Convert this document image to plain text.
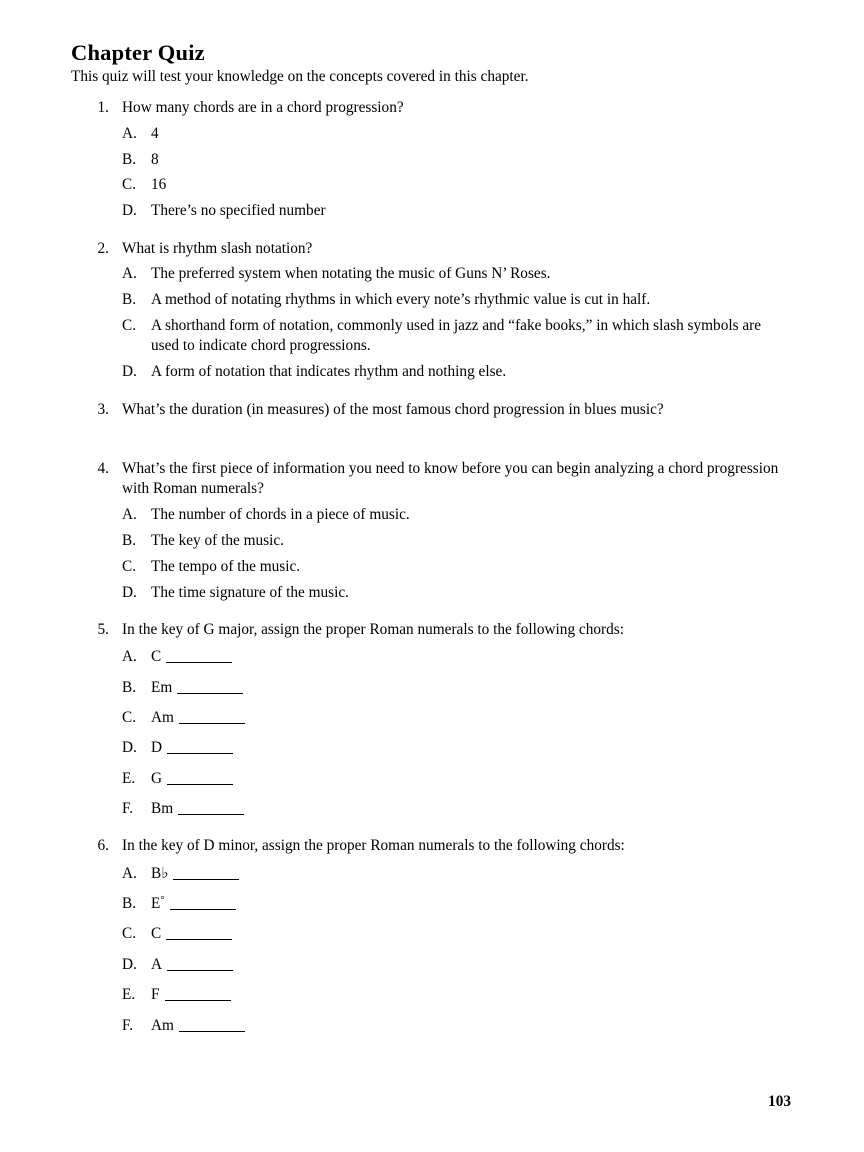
Chapter Quiz

This quiz will test your knowledge on the concepts covered in this chapter.

1. How many chords are in a chord progression?
A. 4
B. 8
C. 16
D. There’s no specified number
2. What is rhythm slash notation?
A. The preferred system when notating the music of Guns N’ Roses.
B. A method of notating rhythms in which every note’s rhythmic value is cut in half.
C. A shorthand form of notation, commonly used in jazz and “fake books,” in which slash symbols are used to indicate chord progressions.
D. A form of notation that indicates rhythm and nothing else.
3. What’s the duration (in measures) of the most famous chord progression in blues music?
4. What’s the first piece of information you need to know before you can begin analyzing a chord progression with Roman numerals?
A. The number of chords in a piece of music.
B. The key of the music.
C. The tempo of the music.
D. The time signature of the music.
5. In the key of G major, assign the proper Roman numerals to the following chords:
A. C
B. Em
C. Am
D. D
E.	G
F.	Bm
6. In the key of D minor, assign the proper Roman numerals to the following chords:
A. B♭
B. E°
C. C
D. A
E.	F
F.	Am
103
